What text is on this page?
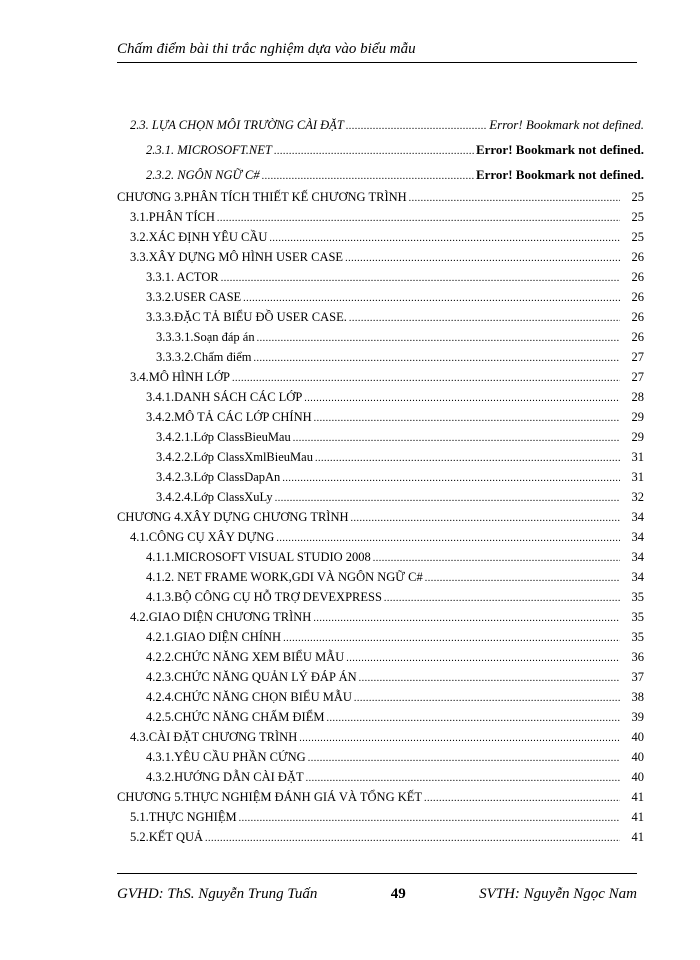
Chấm điểm bài thi trắc nghiệm dựa vào biểu mẫu
2.3. LỰA CHỌN MÔI TRƯỜNG CÀI ĐẶT .....	Error! Bookmark not defined.
2.3.1. MICROSOFT.NET .....	Error! Bookmark not defined.
2.3.2. NGÔN NGỮ C# .....	Error! Bookmark not defined.
CHƯƠNG 3.PHÂN TÍCH THIẾT KẾ CHƯƠNG TRÌNH .....	25
3.1.PHÂN TÍCH .....	25
3.2.XÁC ĐỊNH YÊU CẦU .....	25
3.3.XÂY DỰNG MÔ HÌNH USER CASE .....	26
3.3.1. ACTOR .....	26
3.3.2.USER CASE .....	26
3.3.3.ĐẶC TẢ BIỂU ĐỒ USER CASE. .....	26
3.3.3.1.Soạn đáp án .....	26
3.3.3.2.Chấm điểm .....	27
3.4.MÔ HÌNH LỚP .....	27
3.4.1.DANH SÁCH CÁC LỚP .....	28
3.4.2.MÔ TẢ CÁC LỚP CHÍNH .....	29
3.4.2.1.Lớp ClassBieuMau .....	29
3.4.2.2.Lớp ClassXmlBieuMau .....	31
3.4.2.3.Lớp ClassDapAn .....	31
3.4.2.4.Lớp ClassXuLy .....	32
CHƯƠNG 4.XÂY DỰNG CHƯƠNG TRÌNH .....	34
4.1.CÔNG CỤ XÂY DỰNG .....	34
4.1.1.MICROSOFT VISUAL STUDIO 2008 .....	34
4.1.2. NET FRAME WORK,GDI VÀ NGÔN NGỮ C# .....	34
4.1.3.BỘ CÔNG CỤ HỖ TRỢ DEVEXPRESS .....	35
4.2.GIAO DIỆN CHƯƠNG TRÌNH .....	35
4.2.1.GIAO DIỆN CHÍNH .....	35
4.2.2.CHỨC NĂNG XEM BIỂU MẪU .....	36
4.2.3.CHỨC NĂNG QUẢN LÝ ĐÁP ÁN .....	37
4.2.4.CHỨC NĂNG CHỌN BIỂU MẪU .....	38
4.2.5.CHỨC NĂNG CHẤM ĐIỂM .....	39
4.3.CÀI ĐẶT CHƯƠNG TRÌNH .....	40
4.3.1.YÊU CẦU PHẦN CỨNG .....	40
4.3.2.HƯỚNG DẪN CÀI ĐẶT .....	40
CHƯƠNG 5.THỰC NGHIỆM ĐÁNH GIÁ VÀ TỔNG KẾT .....	41
5.1.THỰC NGHIỆM .....	41
5.2.KẾT QUẢ .....	41
GVHD: ThS. Nguyễn Trung Tuấn	49	SVTH: Nguyễn Ngọc Nam
